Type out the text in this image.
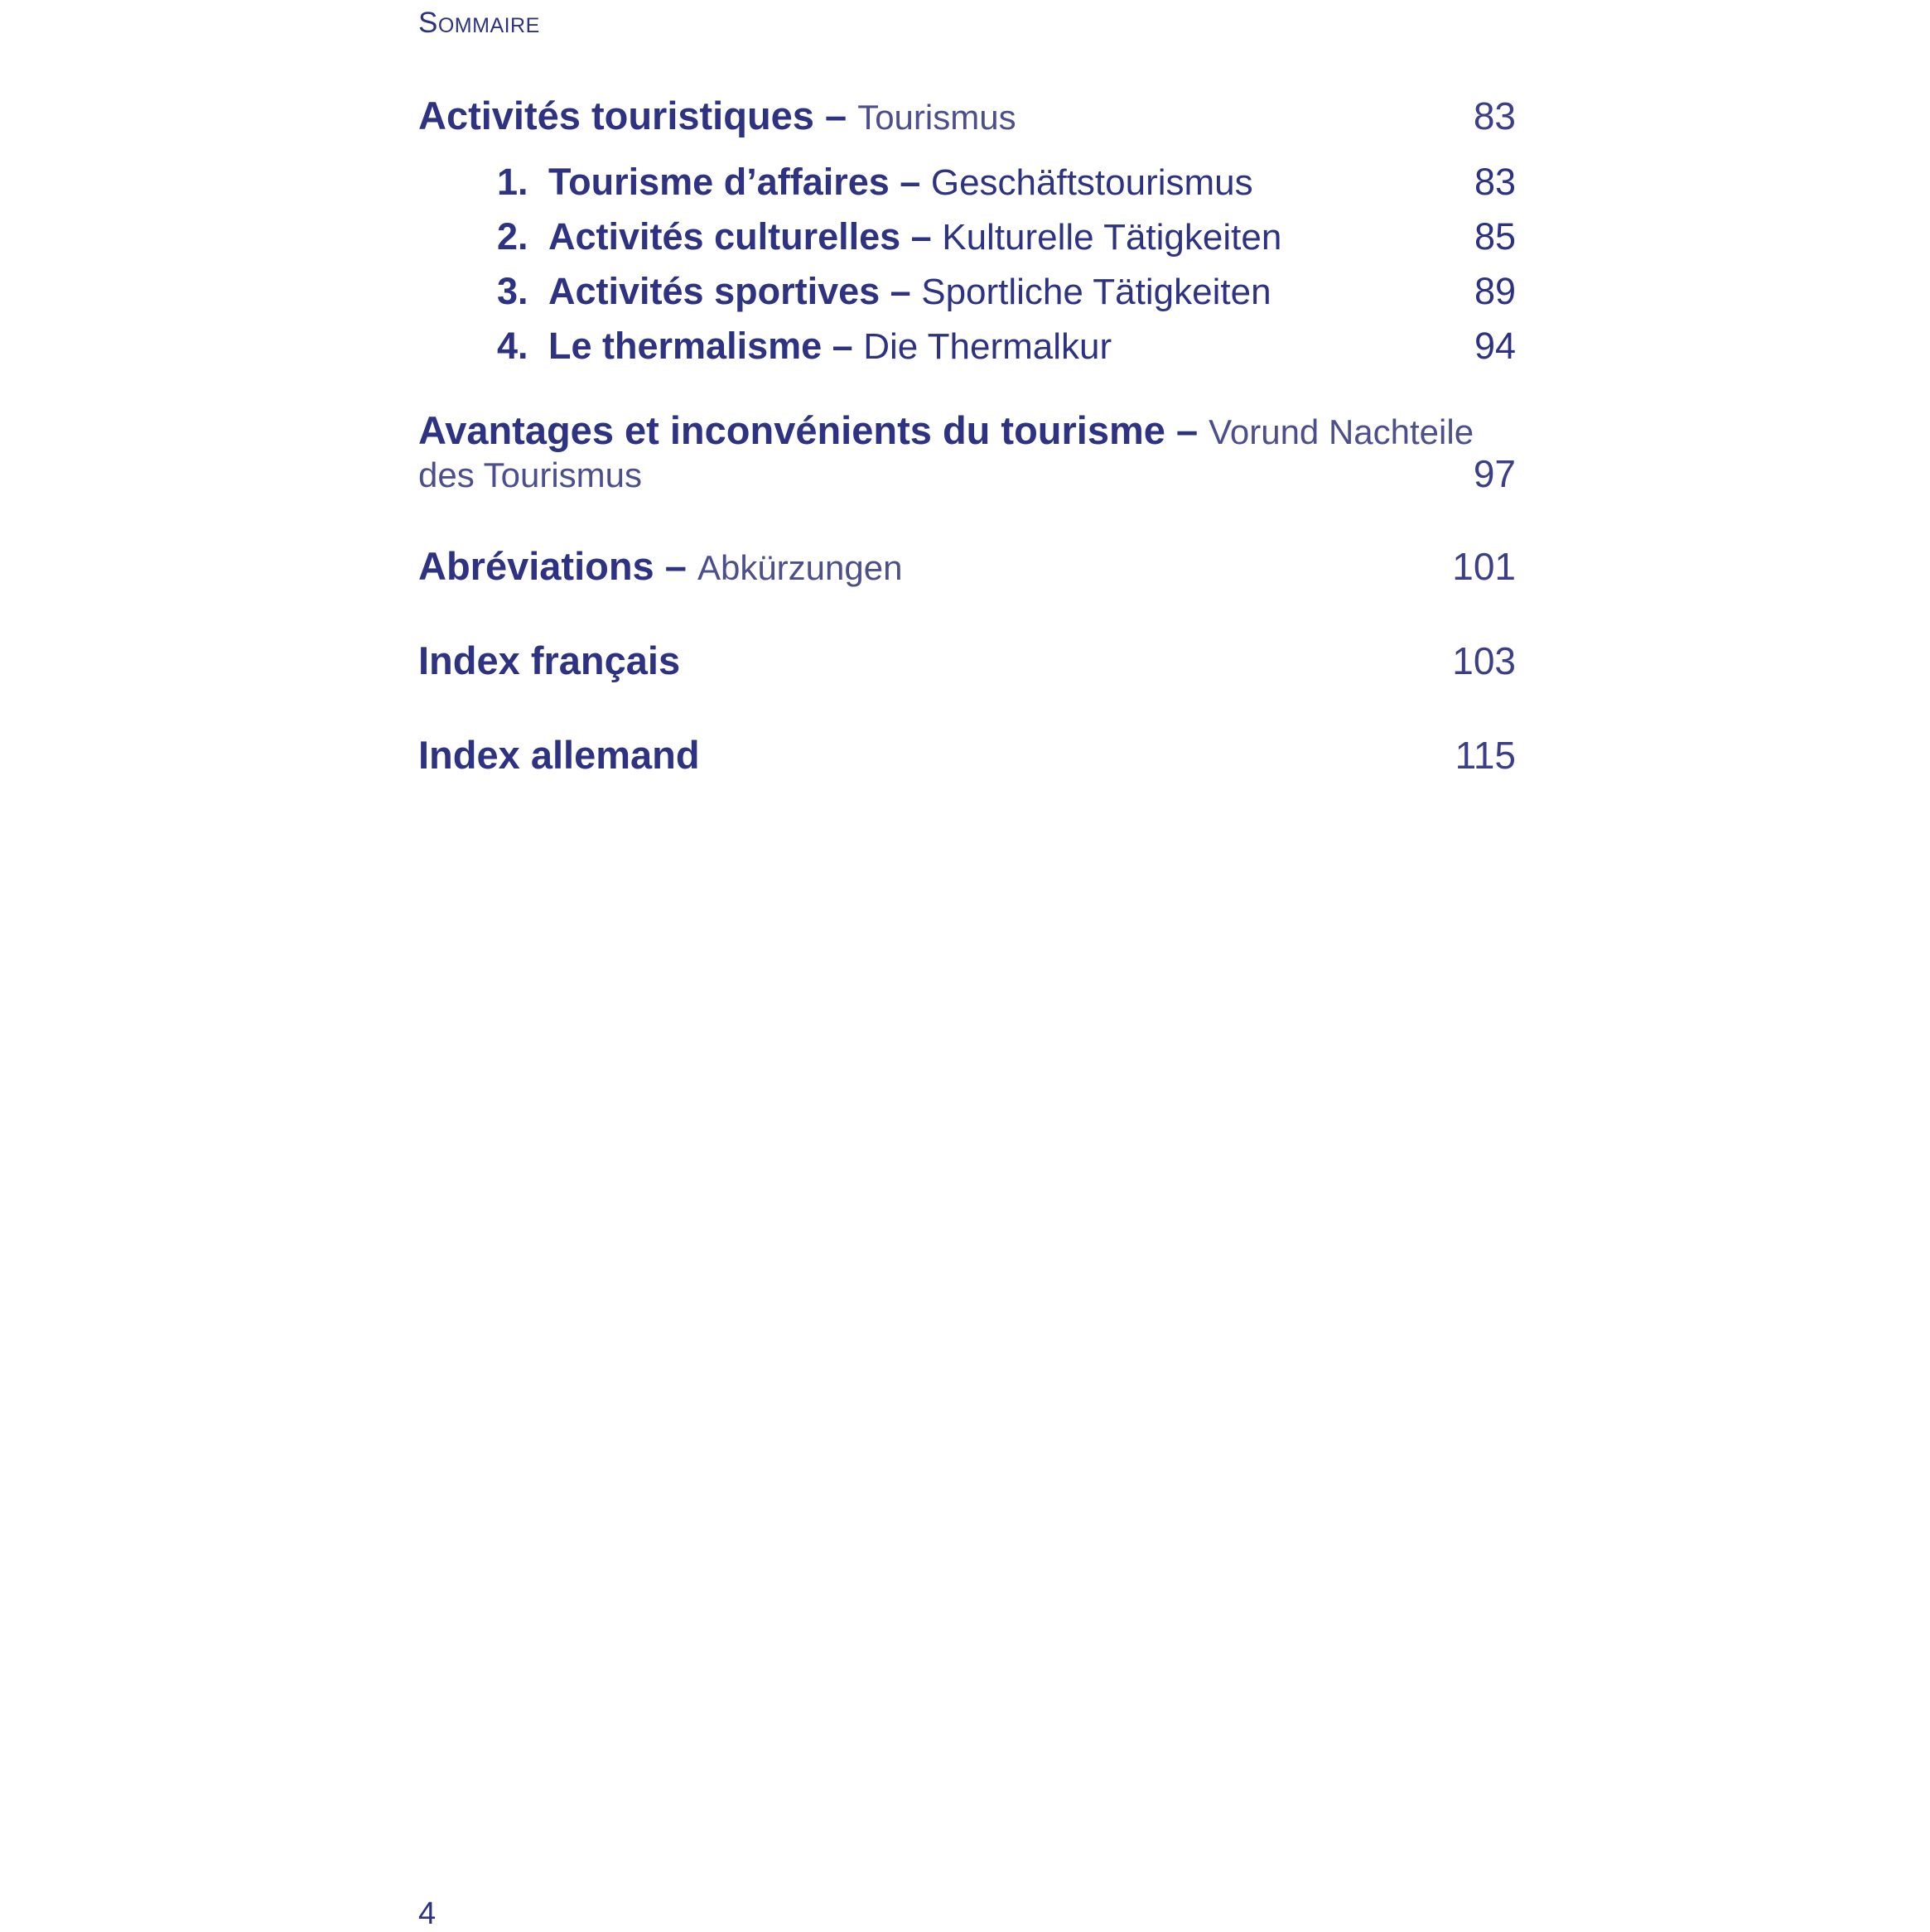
Sommaire
Activités touristiques – Tourismus	83
1. Tourisme d’affaires – Geschäftstourismus	83
2. Activités culturelles – Kulturelle Tätigkeiten	85
3. Activités sportives – Sportliche Tätigkeiten	89
4. Le thermalisme – Die Thermalkur	94
Avantages et inconvénients du tourisme – Vorund Nachteile
des Tourismus	97
Abréviations – Abkürzungen	101
Index français	103
Index allemand	115
4
